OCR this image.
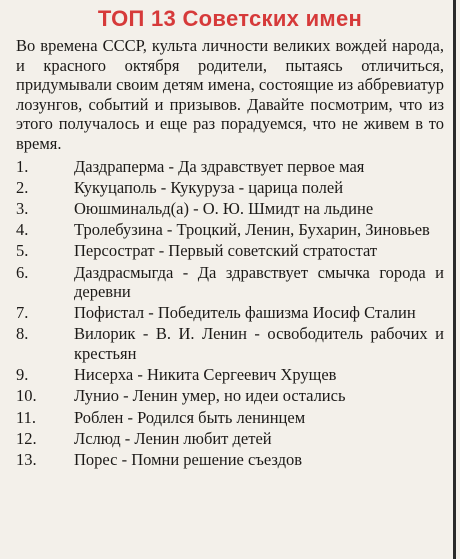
ТОП 13 Советских имен

Во времена СССР, культа личности великих вождей народа, и красного октября родители, пытаясь отличиться, придумывали своим детям имена, состоящие из аббревиатур лозунгов, событий и призывов. Давайте посмотрим, что из этого получалось и еще раз порадуемся, что не живем в то время.

1.	Даздраперма - Да здравствует первое мая
2.	Кукуцаполь - Кукуруза - царица полей
3.	Оюшминальд(а) - О. Ю. Шмидт на льдине
4.	Тролебузина - Троцкий, Ленин, Бухарин, Зиновьев
5.	Персострат - Первый советский стратостат
6.	Даздрасмыгда - Да здравствует смычка города и деревни
7.	Пофистал - Победитель фашизма Иосиф Сталин
8.	Вилорик - В. И. Ленин - освободитель рабочих и крестьян
9.	Нисерха - Никита Сергеевич Хрущев
10.	Лунио - Ленин умер, но идеи остались
11.	Роблен - Родился быть ленинцем
12.	Лслюд - Ленин любит детей
13.	Порес - Помни решение съездов
